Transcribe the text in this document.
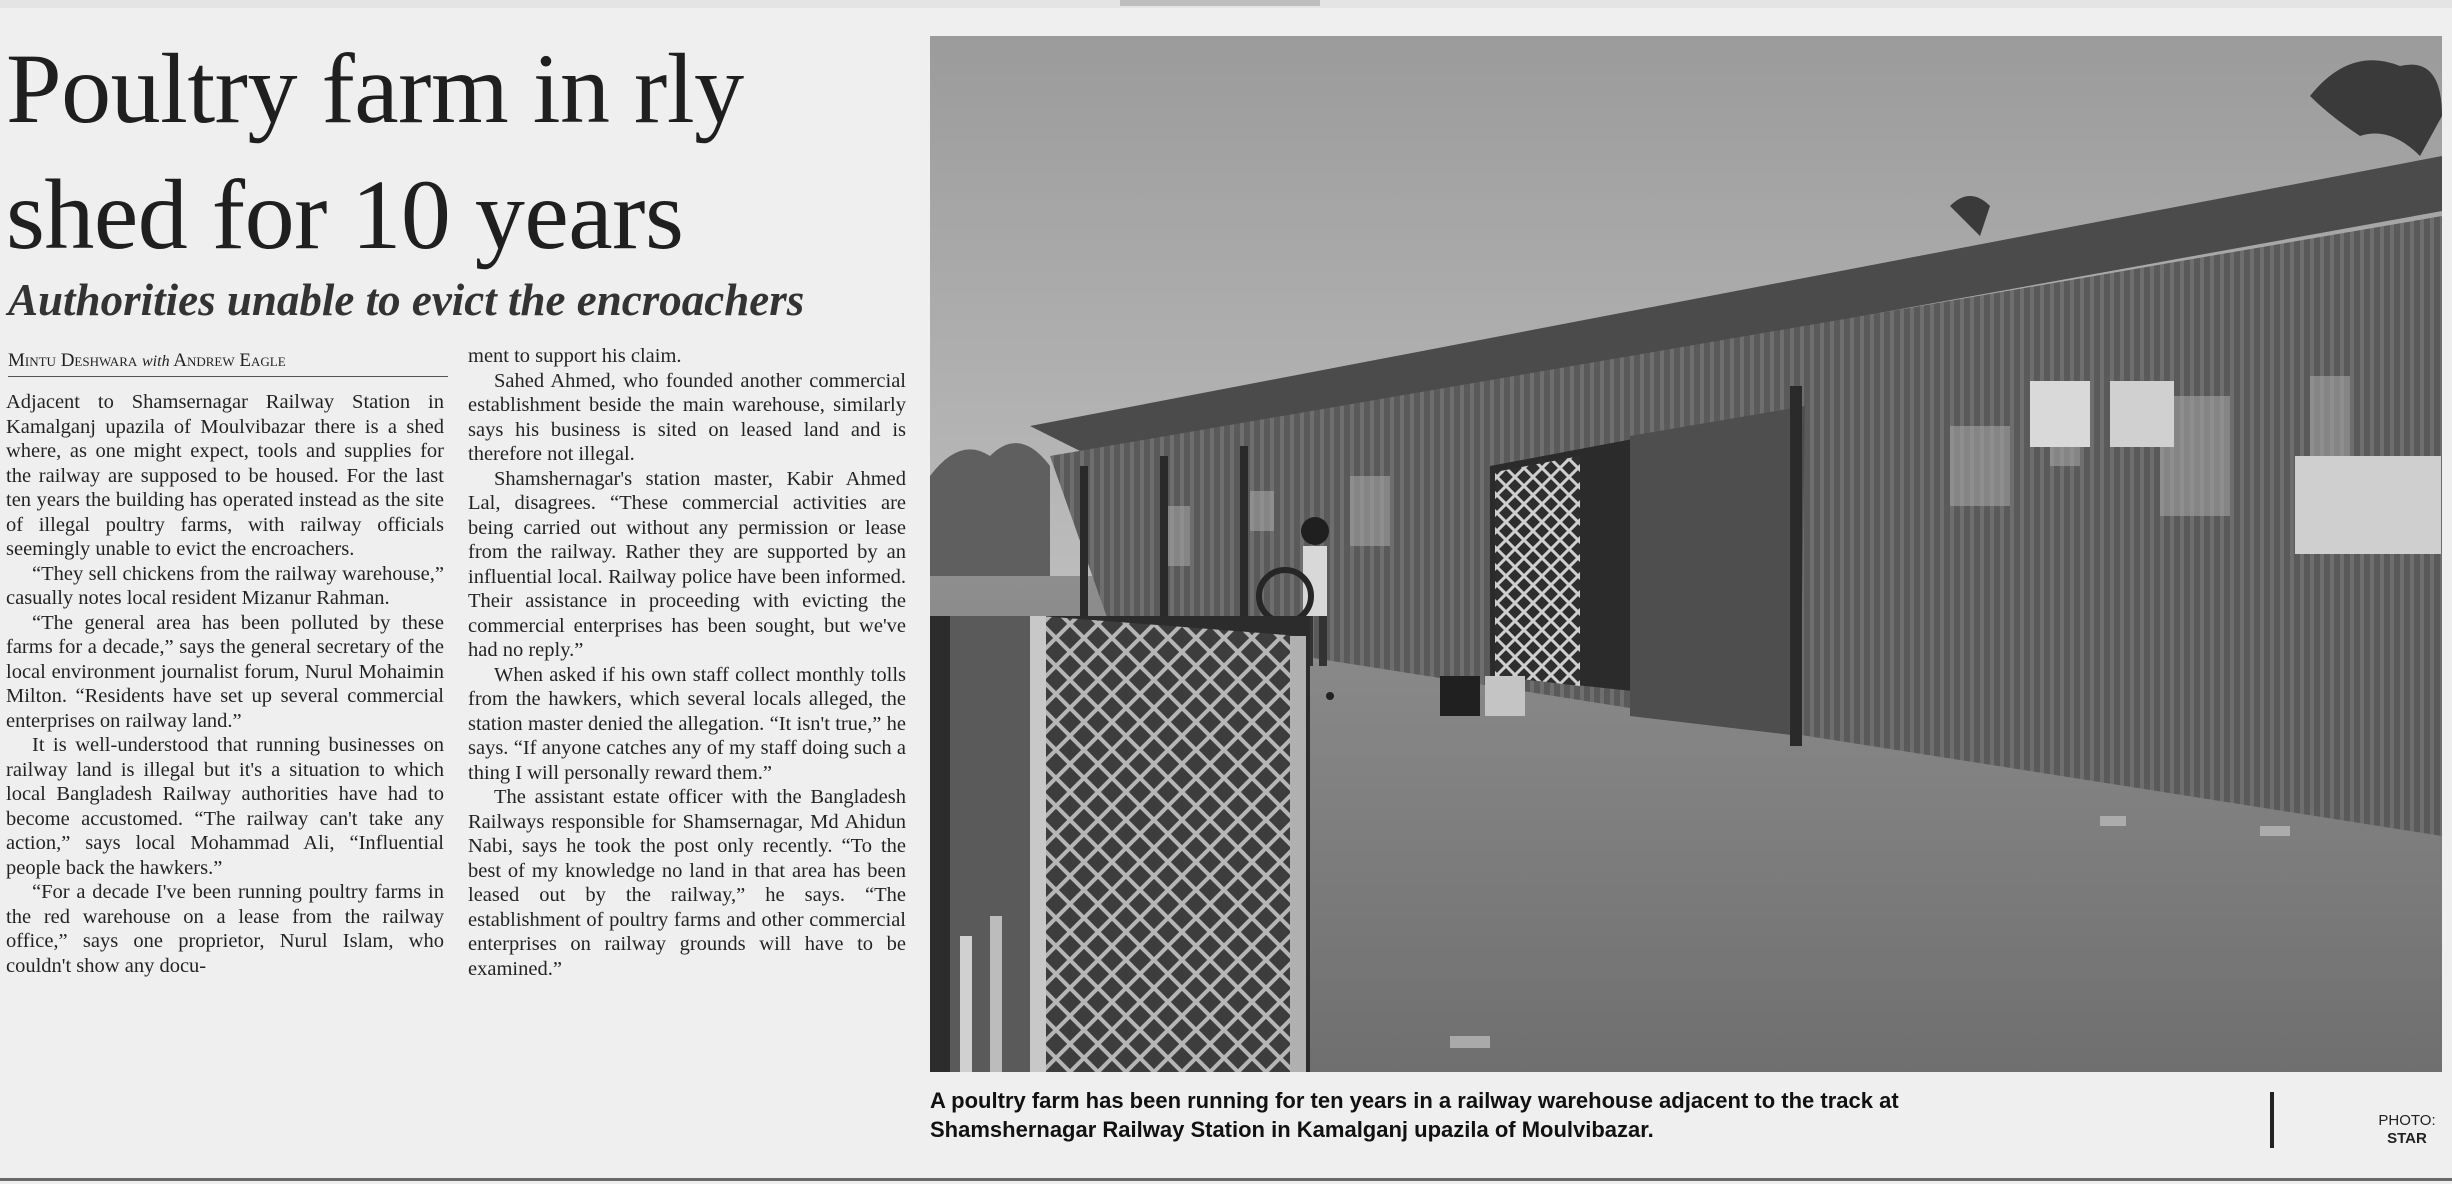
Poultry farm in rly
shed for 10 years
Authorities unable to evict the encroachers
Mintu Deshwara with Andrew Eagle

Adjacent to Shamsernagar Railway Station in Kamalganj upazila of Moulvibazar there is a shed where, as one might expect, tools and supplies for the railway are supposed to be housed. For the last ten years the building has operated instead as the site of illegal poultry farms, with railway officials seemingly unable to evict the encroachers.

“They sell chickens from the railway warehouse,” casually notes local resident Mizanur Rahman.

“The general area has been polluted by these farms for a decade,” says the general secretary of the local environment journalist forum, Nurul Mohaimin Milton. “Residents have set up several commercial enterprises on railway land.”

It is well-understood that running businesses on railway land is illegal but it's a situation to which local Bangladesh Railway authorities have had to become accustomed. “The railway can't take any action,” says local Mohammad Ali, “Influential people back the hawkers.”

“For a decade I've been running poultry farms in the red warehouse on a lease from the railway office,” says one proprietor, Nurul Islam, who couldn't show any docu-

ment to support his claim.

Sahed Ahmed, who founded another commercial establishment beside the main warehouse, similarly says his business is sited on leased land and is therefore not illegal.

Shamshernagar's station master, Kabir Ahmed Lal, disagrees. “These commercial activities are being carried out without any permission or lease from the railway. Rather they are supported by an influential local. Railway police have been informed. Their assistance in proceeding with evicting the commercial enterprises has been sought, but we've had no reply.”

When asked if his own staff collect monthly tolls from the hawkers, which several locals alleged, the station master denied the allegation. “It isn't true,” he says. “If anyone catches any of my staff doing such a thing I will personally reward them.”

The assistant estate officer with the Bangladesh Railways responsible for Shamsernagar, Md Ahidun Nabi, says he took the post only recently. “To the best of my knowledge no land in that area has been leased out by the railway,” he says. “The establishment of poultry farms and other commercial enterprises on railway grounds will have to be examined.”

A poultry farm has been running for ten years in a railway warehouse adjacent to the track at
Shamshernagar Railway Station in Kamalganj upazila of Moulvibazar.	PHOTO:
STAR
